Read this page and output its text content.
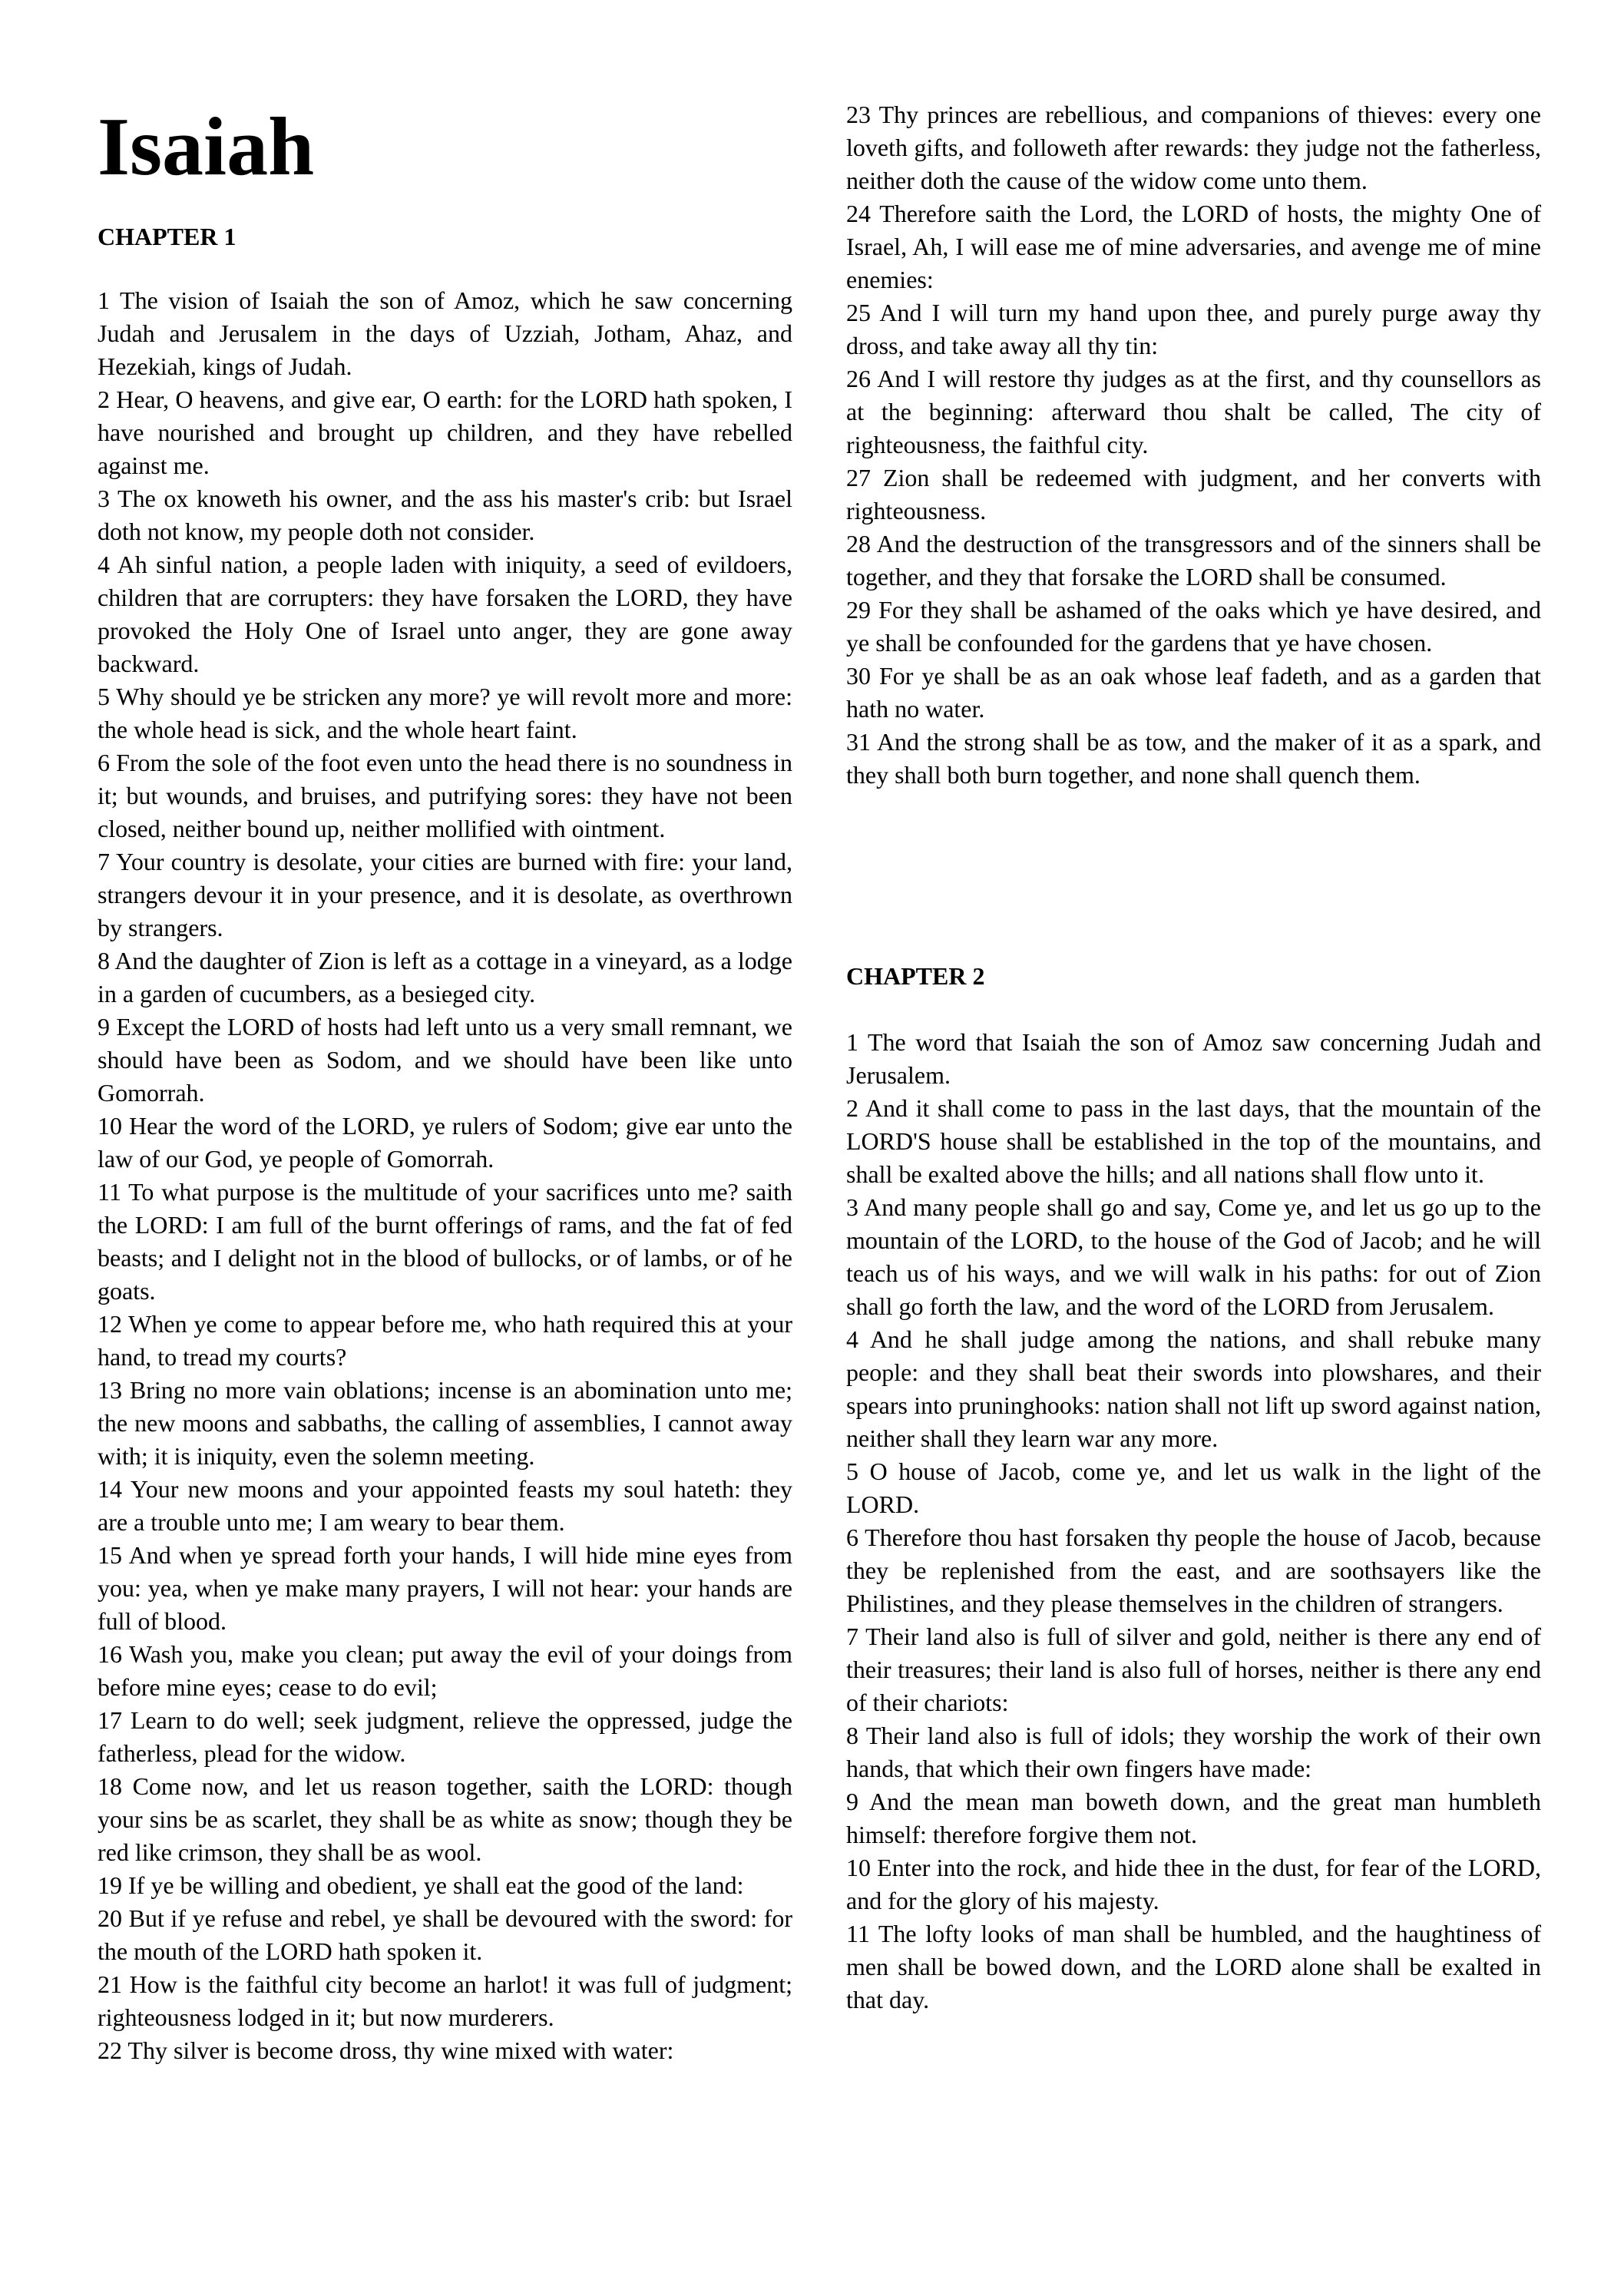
Isaiah
CHAPTER 1

1 The vision of Isaiah the son of Amoz, which he saw concerning Judah and Jerusalem in the days of Uzziah, Jotham, Ahaz, and Hezekiah, kings of Judah.

2 Hear, O heavens, and give ear, O earth: for the LORD hath spoken, I have nourished and brought up children, and they have rebelled against me.

3 The ox knoweth his owner, and the ass his master's crib: but Israel doth not know, my people doth not consider.

4 Ah sinful nation, a people laden with iniquity, a seed of evildoers, children that are corrupters: they have forsaken the LORD, they have provoked the Holy One of Israel unto anger, they are gone away backward.

5 Why should ye be stricken any more? ye will revolt more and more: the whole head is sick, and the whole heart faint.

6 From the sole of the foot even unto the head there is no soundness in it; but wounds, and bruises, and putrifying sores: they have not been closed, neither bound up, neither mollified with ointment.

7 Your country is desolate, your cities are burned with fire: your land, strangers devour it in your presence, and it is desolate, as overthrown by strangers.

8 And the daughter of Zion is left as a cottage in a vineyard, as a lodge in a garden of cucumbers, as a besieged city.

9 Except the LORD of hosts had left unto us a very small remnant, we should have been as Sodom, and we should have been like unto Gomorrah.

10 Hear the word of the LORD, ye rulers of Sodom; give ear unto the law of our God, ye people of Gomorrah.

11 To what purpose is the multitude of your sacrifices unto me? saith the LORD: I am full of the burnt offerings of rams, and the fat of fed beasts; and I delight not in the blood of bullocks, or of lambs, or of he goats.

12 When ye come to appear before me, who hath required this at your hand, to tread my courts?

13 Bring no more vain oblations; incense is an abomination unto me; the new moons and sabbaths, the calling of assemblies, I cannot away with; it is iniquity, even the solemn meeting.

14 Your new moons and your appointed feasts my soul hateth: they are a trouble unto me; I am weary to bear them.

15 And when ye spread forth your hands, I will hide mine eyes from you: yea, when ye make many prayers, I will not hear: your hands are full of blood.

16 Wash you, make you clean; put away the evil of your doings from before mine eyes; cease to do evil;

17 Learn to do well; seek judgment, relieve the oppressed, judge the fatherless, plead for the widow.

18 Come now, and let us reason together, saith the LORD: though your sins be as scarlet, they shall be as white as snow; though they be red like crimson, they shall be as wool.

19 If ye be willing and obedient, ye shall eat the good of the land:

20 But if ye refuse and rebel, ye shall be devoured with the sword: for the mouth of the LORD hath spoken it.

21 How is the faithful city become an harlot! it was full of judgment; righteousness lodged in it; but now murderers.

22 Thy silver is become dross, thy wine mixed with water:

23 Thy princes are rebellious, and companions of thieves: every one loveth gifts, and followeth after rewards: they judge not the fatherless, neither doth the cause of the widow come unto them.

24 Therefore saith the Lord, the LORD of hosts, the mighty One of Israel, Ah, I will ease me of mine adversaries, and avenge me of mine enemies:

25 And I will turn my hand upon thee, and purely purge away thy dross, and take away all thy tin:

26 And I will restore thy judges as at the first, and thy counsellors as at the beginning: afterward thou shalt be called, The city of righteousness, the faithful city.

27 Zion shall be redeemed with judgment, and her converts with righteousness.

28 And the destruction of the transgressors and of the sinners shall be together, and they that forsake the LORD shall be consumed.

29 For they shall be ashamed of the oaks which ye have desired, and ye shall be confounded for the gardens that ye have chosen.

30 For ye shall be as an oak whose leaf fadeth, and as a garden that hath no water.

31 And the strong shall be as tow, and the maker of it as a spark, and they shall both burn together, and none shall quench them.

CHAPTER 2

1 The word that Isaiah the son of Amoz saw concerning Judah and Jerusalem.

2 And it shall come to pass in the last days, that the mountain of the LORD'S house shall be established in the top of the mountains, and shall be exalted above the hills; and all nations shall flow unto it.

3 And many people shall go and say, Come ye, and let us go up to the mountain of the LORD, to the house of the God of Jacob; and he will teach us of his ways, and we will walk in his paths: for out of Zion shall go forth the law, and the word of the LORD from Jerusalem.

4 And he shall judge among the nations, and shall rebuke many people: and they shall beat their swords into plowshares, and their spears into pruninghooks: nation shall not lift up sword against nation, neither shall they learn war any more.

5 O house of Jacob, come ye, and let us walk in the light of the LORD.

6 Therefore thou hast forsaken thy people the house of Jacob, because they be replenished from the east, and are soothsayers like the Philistines, and they please themselves in the children of strangers.

7 Their land also is full of silver and gold, neither is there any end of their treasures; their land is also full of horses, neither is there any end of their chariots:

8 Their land also is full of idols; they worship the work of their own hands, that which their own fingers have made:

9 And the mean man boweth down, and the great man humbleth himself: therefore forgive them not.

10 Enter into the rock, and hide thee in the dust, for fear of the LORD, and for the glory of his majesty.

11 The lofty looks of man shall be humbled, and the haughtiness of men shall be bowed down, and the LORD alone shall be exalted in that day.
